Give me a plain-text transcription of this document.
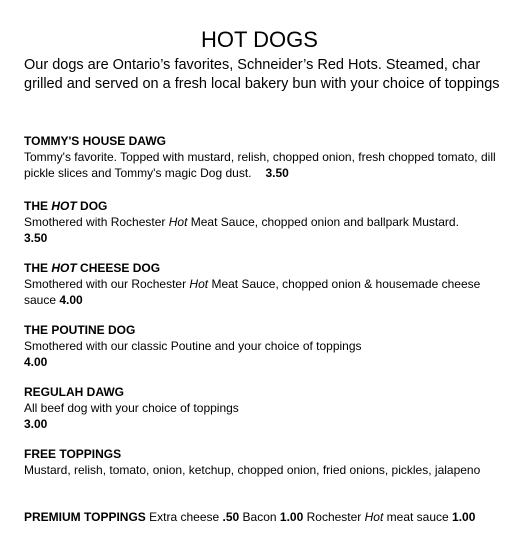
HOT DOGS

Our dogs are Ontario’s favorites, Schneider’s Red Hots. Steamed, char grilled and served on a fresh local bakery bun with your choice of toppings

TOMMY'S HOUSE DAWG

Tommy's favorite. Topped with mustard, relish, chopped onion, fresh chopped tomato, dill pickle slices and Tommy's magic Dog dust. 3.50

THE HOT DOG

Smothered with Rochester Hot Meat Sauce, chopped onion and ballpark Mustard.
3.50

THE HOT CHEESE DOG

Smothered with our Rochester Hot Meat Sauce, chopped onion & housemade cheese sauce 4.00

THE POUTINE DOG

Smothered with our classic Poutine and your choice of toppings

4.00

REGULAH DAWG

All beef dog with your choice of toppings

3.00

FREE TOPPINGS

Mustard, relish, tomato, onion, ketchup, chopped onion, fried onions, pickles, jalapeno

PREMIUM TOPPINGS Extra cheese .50 Bacon 1.00 Rochester Hot meat sauce 1.00
